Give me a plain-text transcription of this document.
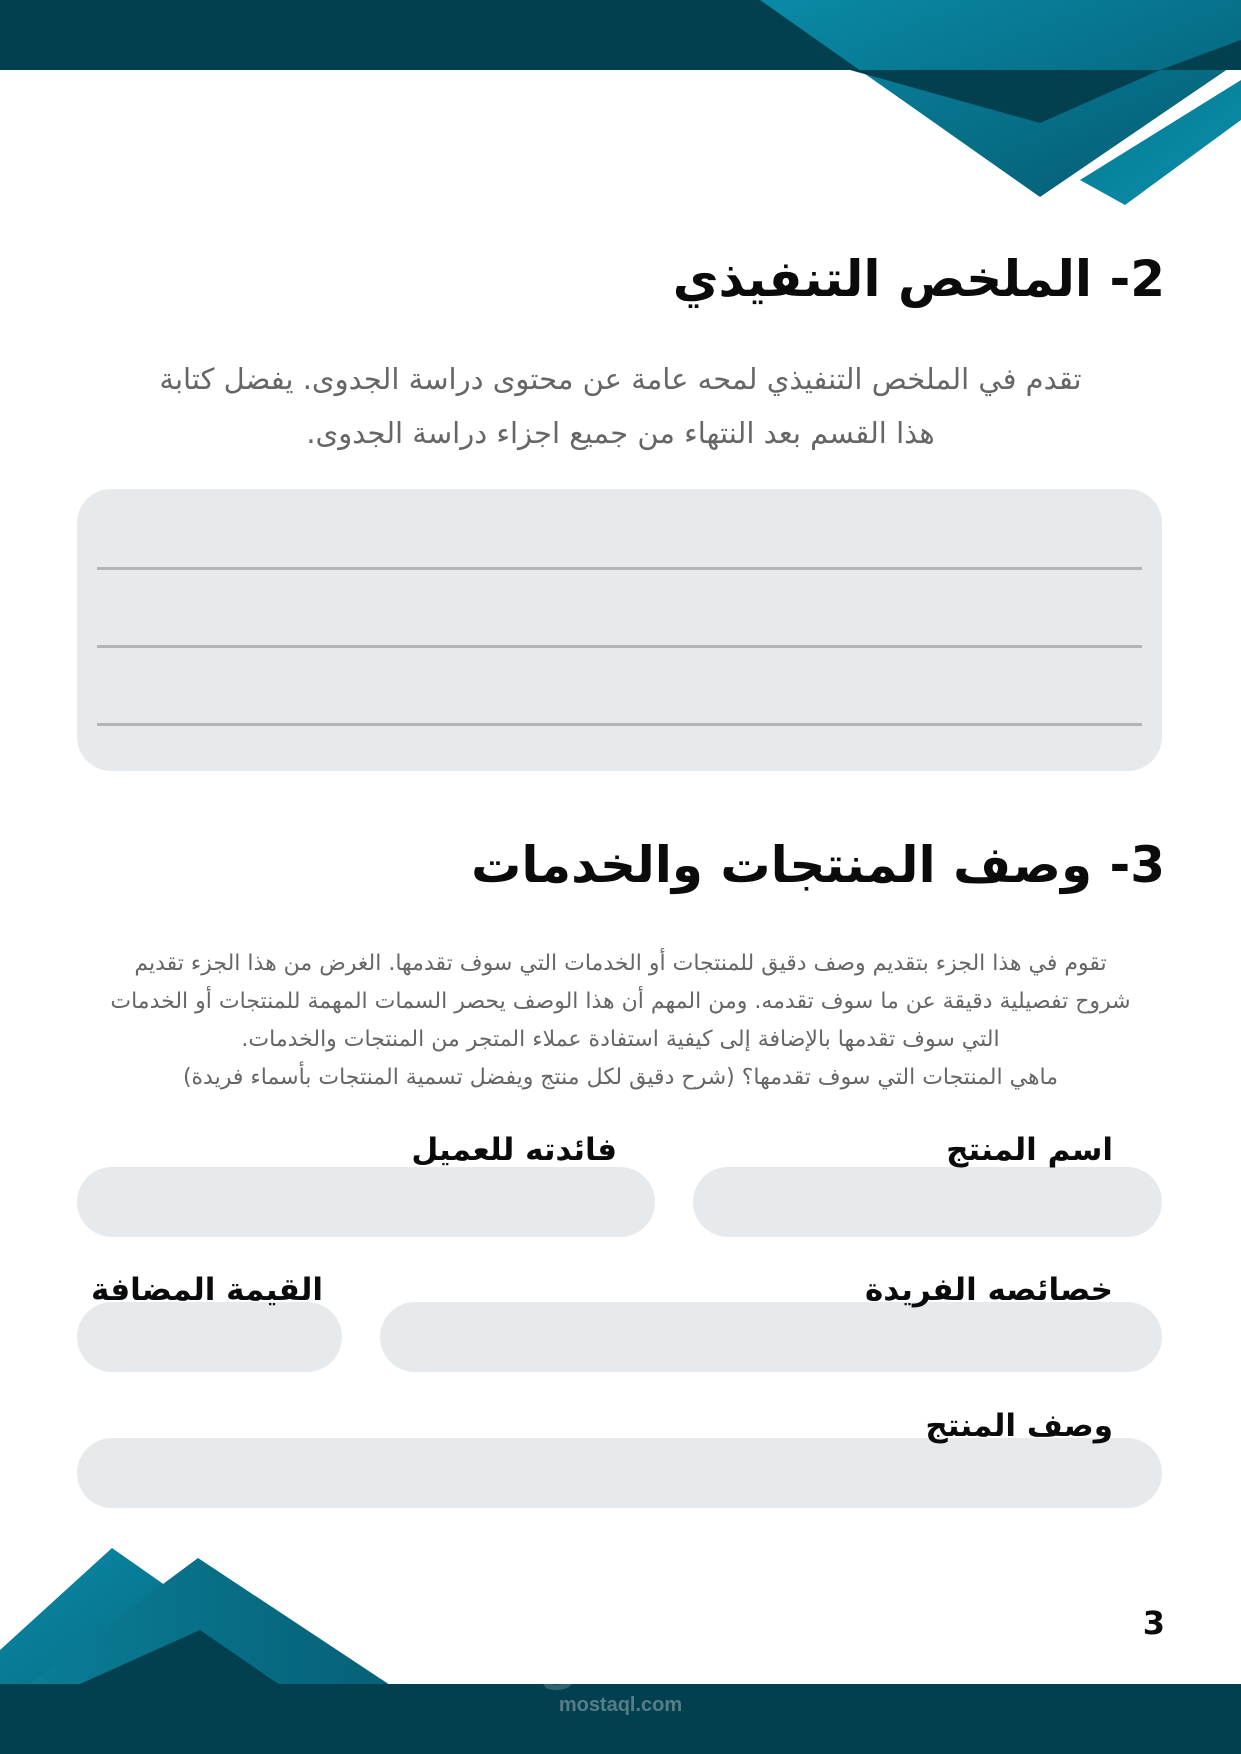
2- الملخص التنفيذي
تقدم في الملخص التنفيذي لمحه عامة عن محتوى دراسة الجدوى. يفضل كتابة
هذا القسم بعد النتهاء من جميع اجزاء دراسة الجدوى.
3- وصف المنتجات والخدمات
تقوم في هذا الجزء بتقديم وصف دقيق للمنتجات أو الخدمات التي سوف تقدمها. الغرض من هذا الجزء تقديم
شروح تفصيلية دقيقة عن ما سوف تقدمه. ومن المهم أن هذا الوصف يحصر السمات المهمة للمنتجات أو الخدمات
التي سوف تقدمها بالإضافة إلى كيفية استفادة عملاء المتجر من المنتجات والخدمات.
ماهي المنتجات التي سوف تقدمها؟ (شرح دقيق لكل منتج ويفضل تسمية المنتجات بأسماء فريدة)
اسم المنتج
فائدته للعميل
خصائصه الفريدة
القيمة المضافة
وصف المنتج
3
مستقل
mostaql.com
